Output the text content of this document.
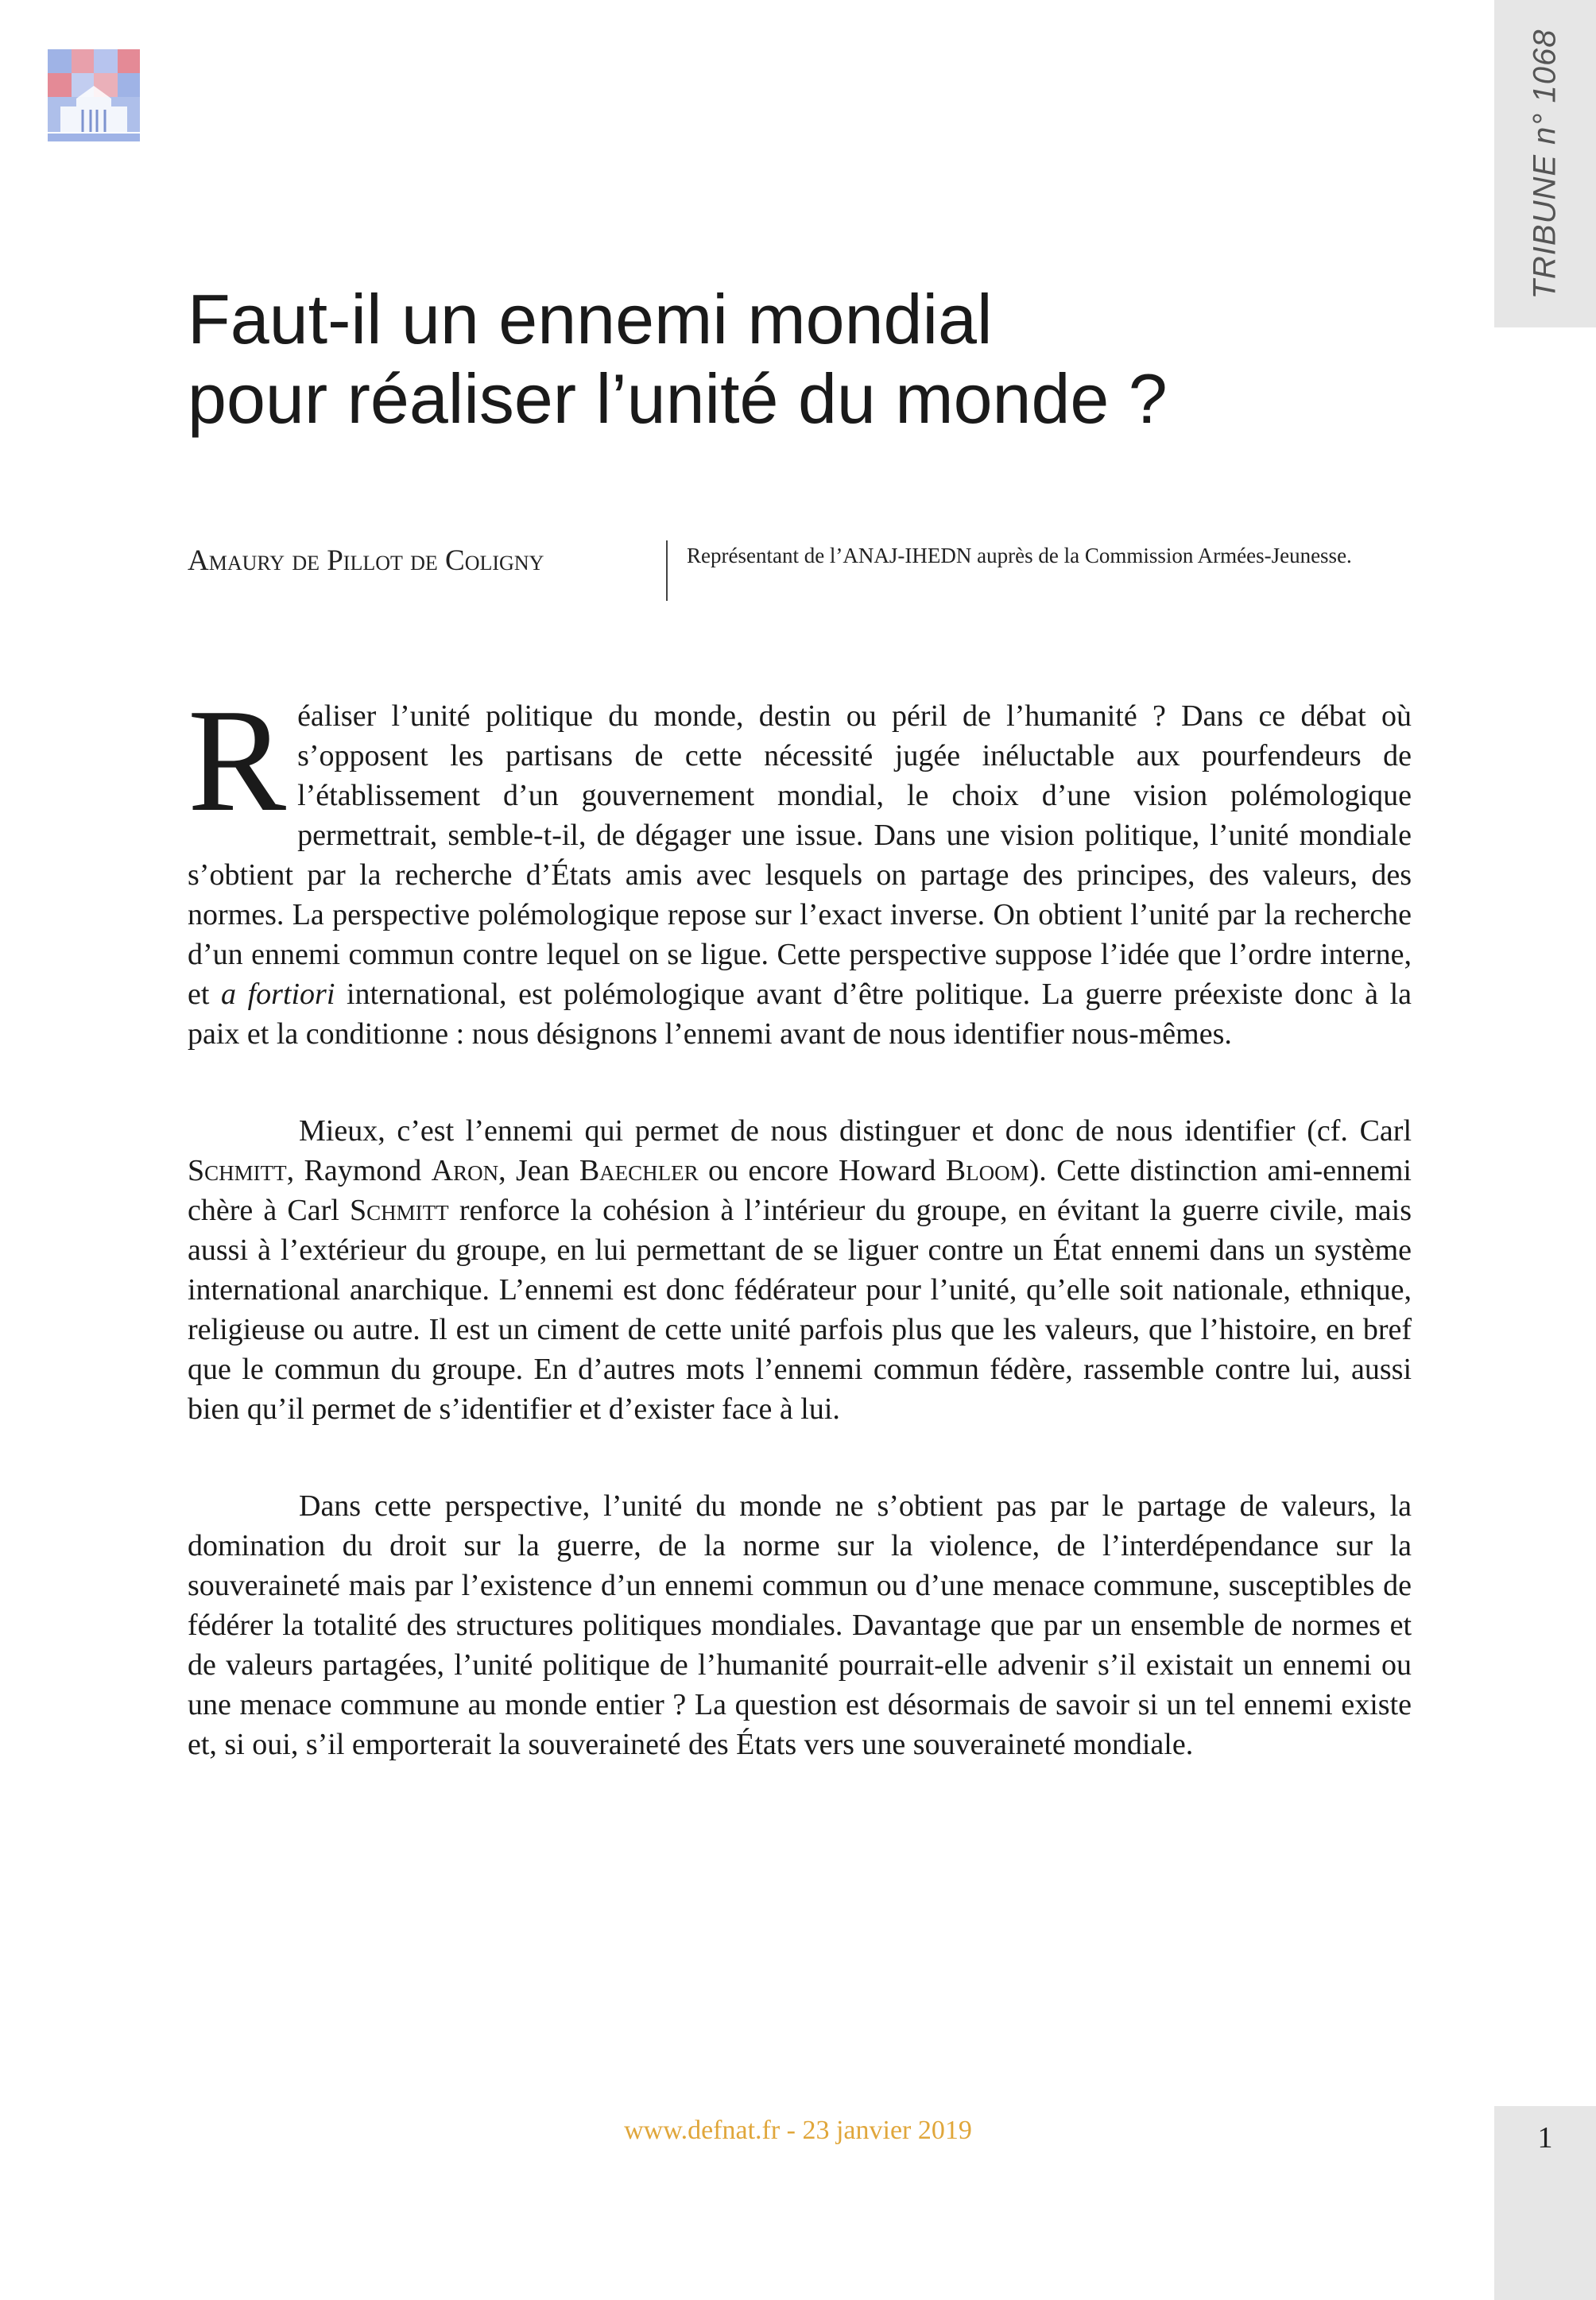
TRIBUNE n° 1068
Faut-il un ennemi mondial
pour réaliser l’unité du monde ?
Amaury de Pillot de Coligny	Représentant de l’ANAJ-IHEDN auprès de la Commission Armées-Jeunesse.

Réaliser l’unité politique du monde, destin ou péril de l’humanité ? Dans ce débat où s’opposent les partisans de cette nécessité jugée inéluctable aux pourfendeurs de l’établissement d’un gouvernement mondial, le choix d’une vision polémologique permettrait, semble-t-il, de dégager une issue. Dans une vision politique, l’unité mondiale s’obtient par la recherche d’États amis avec lesquels on partage des principes, des valeurs, des normes. La perspective polémologique repose sur l’exact inverse. On obtient l’unité par la recherche d’un ennemi commun contre lequel on se ligue. Cette perspective suppose l’idée que l’ordre interne, et a fortiori international, est polémologique avant d’être politique. La guerre préexiste donc à la paix et la conditionne : nous désignons l’ennemi avant de nous identifier nous-mêmes.

Mieux, c’est l’ennemi qui permet de nous distinguer et donc de nous identifier (cf. Carl Schmitt, Raymond Aron, Jean Baechler ou encore Howard Bloom). Cette distinction ami-ennemi chère à Carl Schmitt renforce la cohésion à l’intérieur du groupe, en évitant la guerre civile, mais aussi à l’extérieur du groupe, en lui permettant de se liguer contre un État ennemi dans un système international anarchique. L’ennemi est donc fédérateur pour l’unité, qu’elle soit nationale, ethnique, religieuse ou autre. Il est un ciment de cette unité parfois plus que les valeurs, que l’histoire, en bref que le commun du groupe. En d’autres mots l’ennemi commun fédère, rassemble contre lui, aussi bien qu’il permet de s’identifier et d’exister face à lui.

Dans cette perspective, l’unité du monde ne s’obtient pas par le partage de valeurs, la domination du droit sur la guerre, de la norme sur la violence, de l’interdépendance sur la souveraineté mais par l’existence d’un ennemi commun ou d’une menace commune, susceptibles de fédérer la totalité des structures politiques mondiales. Davantage que par un ensemble de normes et de valeurs partagées, l’unité politique de l’humanité pourrait-elle advenir s’il existait un ennemi ou une menace commune au monde entier ? La question est désormais de savoir si un tel ennemi existe et, si oui, s’il emporterait la souveraineté des États vers une souveraineté mondiale.

www.defnat.fr - 23 janvier 2019	1
